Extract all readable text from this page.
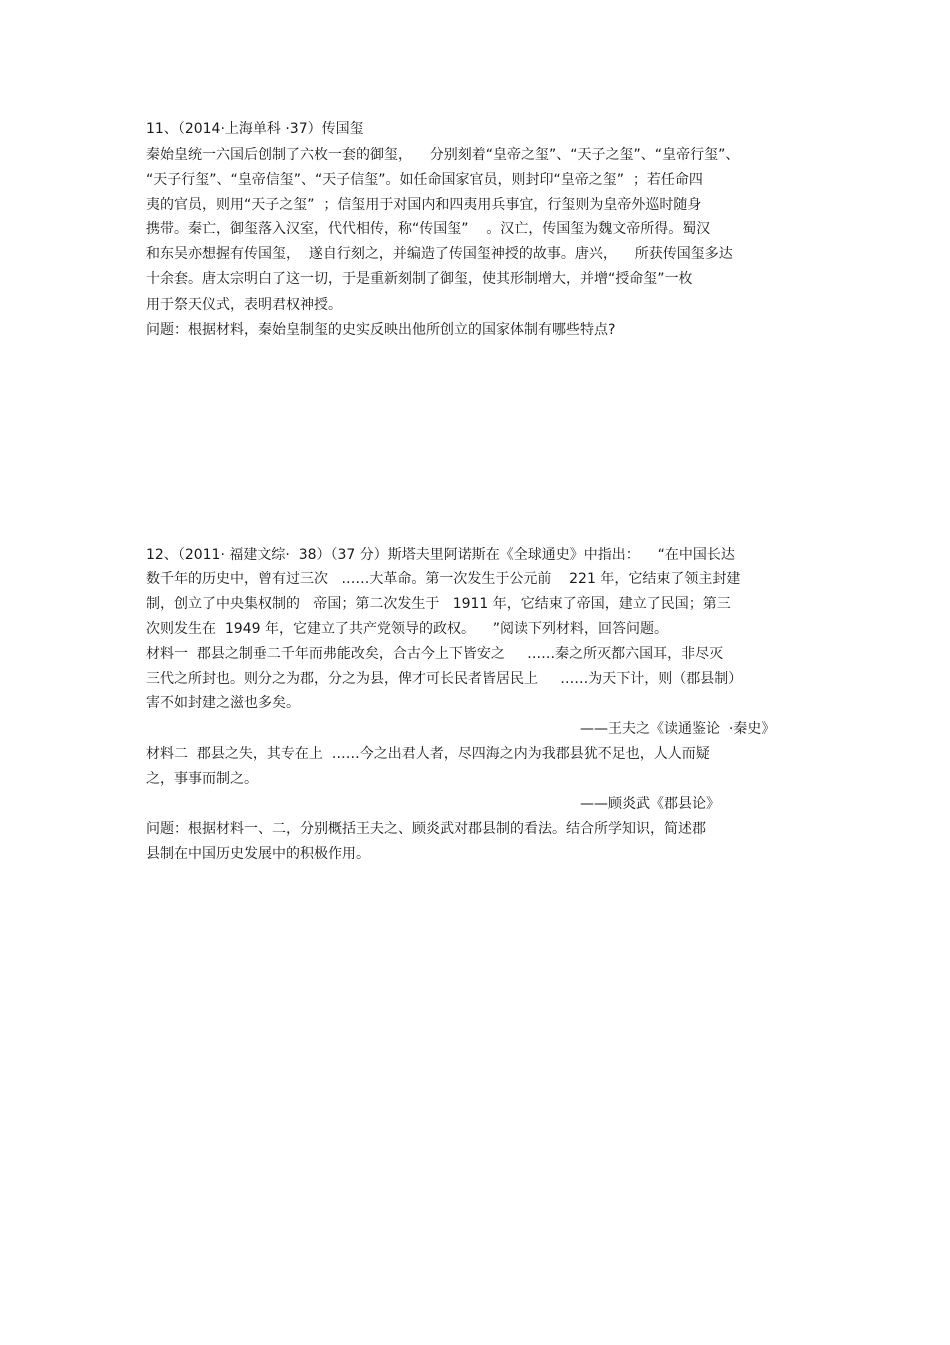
11、（2014·上海单科 ·37）传国玺
秦始皇统一六国后创制了六枚一套的御玺，    分别刻着“皇帝之玺”、“天子之玺”、“皇帝行玺”、
“天子行玺”、“皇帝信玺”、“天子信玺”。如任命国家官员，则封印“皇帝之玺”  ；若任命四
夷的官员，则用“天子之玺”  ；信玺用于对国内和四夷用兵事宜，行玺则为皇帝外巡时随身
携带。秦亡，御玺落入汉室，代代相传，称“传国玺”    。汉亡，传国玺为魏文帝所得。蜀汉
和东吴亦想握有传国玺，  遂自行刻之，并编造了传国玺神授的故事。唐兴，    所获传国玺多达
十余套。唐太宗明白了这一切，于是重新刻制了御玺，使其形制增大，并增“授命玺”一枚
用于祭天仪式，表明君权神授。
问题：根据材料，秦始皇制玺的史实反映出他所创立的国家体制有哪些特点?
12、（2011· 福建文综·  38）（37 分）斯塔夫里阿诺斯在《全球通史》中指出：    “在中国长达
数千年的历史中，曾有过三次   ……大革命。第一次发生于公元前    221 年，它结束了领主封建
制，创立了中央集权制的   帝国；第二次发生于   1911 年，它结束了帝国，建立了民国；第三
次则发生在  1949 年，它建立了共产党领导的政权。    ”阅读下列材料，回答问题。
材料一  郡县之制垂二千年而弗能改矣，合古今上下皆安之     ……秦之所灭都六国耳，非尽灭
三代之所封也。则分之为郡，分之为县，俾才可长民者皆居民上     ……为天下计，则（郡县制）
害不如封建之滋也多矣。
——王夫之《读通鉴论  ·秦史》
材料二  郡县之失，其专在上  ……今之出君人者，尽四海之内为我郡县犹不足也，人人而疑
之，事事而制之。
——顾炎武《郡县论》
问题：根据材料一、二，分别概括王夫之、顾炎武对郡县制的看法。结合所学知识，简述郡
县制在中国历史发展中的积极作用。
